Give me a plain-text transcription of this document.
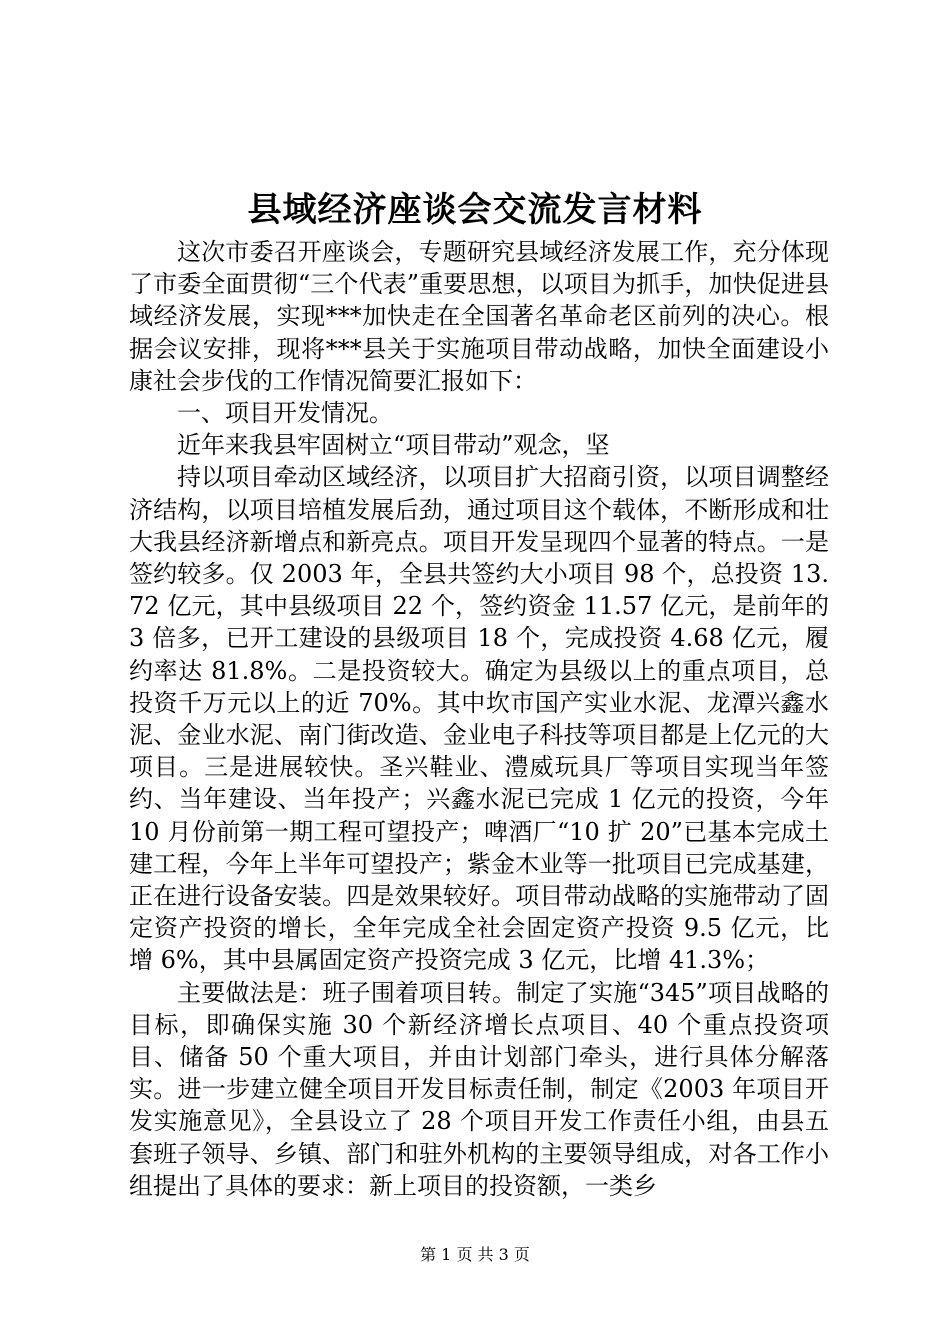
县域经济座谈会交流发言材料

这次市委召开座谈会，专题研究县域经济发展工作，充分体现了市委全面贯彻“三个代表”重要思想，以项目为抓手，加快促进县域经济发展，实现***加快走在全国著名革命老区前列的决心。根据会议安排，现将***县关于实施项目带动战略，加快全面建设小康社会步伐的工作情况简要汇报如下：

一、项目开发情况。

近年来我县牢固树立“项目带动”观念，坚

持以项目牵动区域经济，以项目扩大招商引资，以项目调整经济结构，以项目培植发展后劲，通过项目这个载体，不断形成和壮大我县经济新增点和新亮点。项目开发呈现四个显著的特点。一是签约较多。仅 2003 年，全县共签约大小项目 98 个，总投资 13.72 亿元，其中县级项目 22 个，签约资金 11.57 亿元，是前年的 3 倍多，已开工建设的县级项目 18 个，完成投资 4.68 亿元，履约率达 81.8%。二是投资较大。确定为县级以上的重点项目，总投资千万元以上的近 70%。其中坎市国产实业水泥、龙潭兴鑫水泥、金业水泥、南门街改造、金业电子科技等项目都是上亿元的大项目。三是进展较快。圣兴鞋业、澧威玩具厂等项目实现当年签约、当年建设、当年投产；兴鑫水泥已完成 1 亿元的投资，今年 10 月份前第一期工程可望投产；啤酒厂“10 扩 20”已基本完成土建工程，今年上半年可望投产；紫金木业等一批项目已完成基建，正在进行设备安装。四是效果较好。项目带动战略的实施带动了固定资产投资的增长，全年完成全社会固定资产投资 9.5 亿元，比增 6%，其中县属固定资产投资完成 3 亿元，比增 41.3%；

主要做法是：班子围着项目转。制定了实施“345”项目战略的目标，即确保实施 30 个新经济增长点项目、40 个重点投资项目、储备 50 个重大项目，并由计划部门牵头，进行具体分解落实。进一步建立健全项目开发目标责任制，制定《2003 年项目开发实施意见》，全县设立了 28 个项目开发工作责任小组，由县五套班子领导、乡镇、部门和驻外机构的主要领导组成，对各工作小组提出了具体的要求：新上项目的投资额，一类乡

第 1 页 共 3 页
